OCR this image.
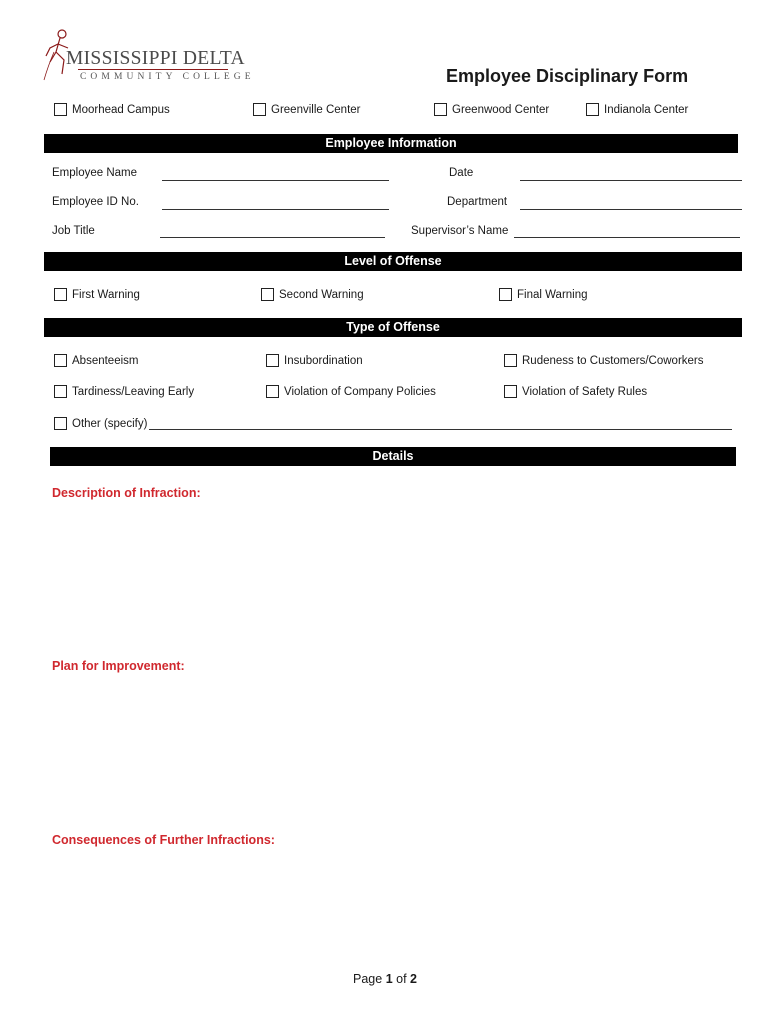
MISSISSIPPI DELTA
COMMUNITY COLLEGE	Employee Disciplinary Form
Moorhead Campus	Greenville Center	Greenwood Center	Indianola Center
Employee Information
Employee Name	Date
Employee ID No.	Department
Job Title	Supervisor’s Name
Level of Offense
First Warning	Second Warning	Final Warning
Type of Offense
Absenteeism	Insubordination	Rudeness to Customers/Coworkers
Tardiness/Leaving Early	Violation of Company Policies	Violation of Safety Rules
Other (specify)
Details
Description of Infraction:
Plan for Improvement:
Consequences of Further Infractions:
Page 1 of 2
